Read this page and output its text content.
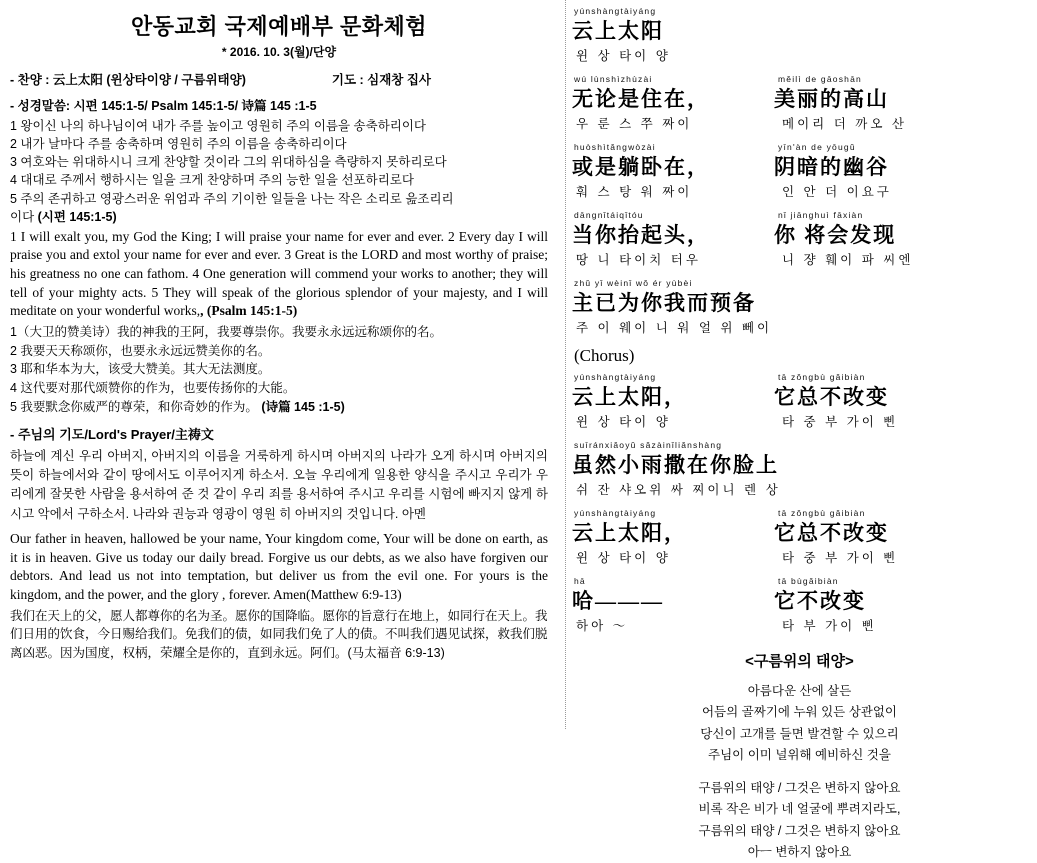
안동교회 국제예배부 문화체험
* 2016. 10. 3(월)/단양
- 찬양 : 云上太阳 (윈상타이양 / 구름위태양)	기도 : 심재창 집사
- 성경말씀: 시편 145:1-5/ Psalm 145:1-5/ 诗篇 145 :1-5
1 왕이신 나의 하나님이여 내가 주를 높이고 영원히 주의 이름을 송축하리이다
2 내가 날마다 주를 송축하며 영원히 주의 이름을 송축하리이다
3 여호와는 위대하시니 크게 찬양할 것이라 그의 위대하심을 측량하지 못하리로다
4 대대로 주께서 행하시는 일을 크게 찬양하며 주의 능한 일을 선포하리로다
5 주의 존귀하고 영광스러운 위엄과 주의 기이한 일들을 나는 작은 소리로 읊조리리
이다 (시편 145:1-5)
1 I will exalt you, my God the King; I will praise your name for ever and ever. 2 Every day I will praise you and extol your name for ever and ever. 3 Great is the LORD and most worthy of praise; his greatness no one can fathom. 4 One generation will commend your works to another; they will tell of your mighty acts. 5 They will speak of the glorious splendor of your majesty, and I will meditate on your wonderful works,, (Psalm 145:1-5)
1（大卫的赞美诗）我的神我的王阿，我要尊崇你。我要永永远远称颂你的名。
2 我要天天称颂你，也要永永远远赞美你的名。
3 耶和华本为大，该受大赞美。其大无法测度。
4 这代要对那代颂赞你的作为，也要传扬你的大能。
5 我要默念你威严的尊荣，和你奇妙的作为。 (诗篇 145 :1-5)
- 주님의 기도/Lord's Prayer/主祷文
하늘에 계신 우리 아버지, 아버지의 이름을 거룩하게 하시며 아버지의 나라가 오게 하시며 아버지의 뜻이 하늘에서와 같이 땅에서도 이루어지게 하소서. 오늘 우리에게 일용한 양식을 주시고 우리가 우리에게 잘못한 사람을 용서하여 준 것 같이 우리 죄를 용서하여 주시고 우리를 시험에 빠지지 않게 하시고 악에서 구하소서. 나라와 권능과 영광이 영원 히 아버지의 것입니다. 아멘
Our father in heaven, hallowed be your name, Your kingdom come, Your will be done on earth, as it is in heaven. Give us today our daily bread. Forgive us our debts, as we also have forgiven our debtors. And lead us not into temptation, but deliver us from the evil one. For yours is the kingdom, and the power, and the glory , forever. Amen(Matthew 6:9-13)
我们在天上的父，愿人都尊你的名为圣。愿你的国降临。愿你的旨意行在地上，如同行在天上。我们日用的饮食，今日赐给我们。免我们的债，如同我们免了人的债。不叫我们遇见试探，救我们脱离凶恶。因为国度，权柄，荣耀全是你的，直到永远。阿们。(马太福音 6:9-13)
yúnshàngtàiyáng
云上太阳
윈 상 타이 양
wú lùnshìzhùzài	měilì de gāoshān
无论是住在，	美丽的高山
우 룬 스 쭈 짜이	메이리 더 까오 산
huòshìtǎngwòzài	yīn'àn de yōugǔ
或是躺卧在，	阴暗的幽谷
훠 스 탕 워 짜이	인 안 더 이요구
dāngnǐtáiqǐtóu	nǐ jiānghuì fāxiàn
当你抬起头，	你 将会发现
땅 니 타이치 터우	니 쟝 훼이 파 씨엔
zhǔ yǐ wèinǐ wǒ ér yùbèi
主已为你我而预备
주 이 웨이 니 워 얼 위 뻬이
(Chorus)
yúnshàngtàiyáng	tā zǒngbù gǎibiàn
云上太阳，	它总不改变
윈 상 타이 양	타 중 부 가이 삔
suīránxiǎoyǔ sǎzàinǐliǎnshàng
虽然小雨撒在你脸上
쉬 잔 샤오위 싸 찌이니 렌 상
yúnshàngtàiyáng	tā zǒngbù gǎibiàn
云上太阳，	它总不改变
윈 상 타이 양	타 중 부 가이 삔
hā	tā bùgǎibiàn
哈———	它不改变
하아 ～	타 부 가이 삔
<구름위의 태양>
아름다운 산에 살든
어듬의 골짜기에 누워 있든 상관없이
당신이 고개를 들면 발견할 수 있으리
주님이 이미 널위해 예비하신 것을
구름위의 태양 / 그것은 변하지 않아요
비록 작은 비가 네 얼굴에 뿌려지라도,
구름위의 태양 / 그것은 변하지 않아요
아ㅡ 변하지 않아요
